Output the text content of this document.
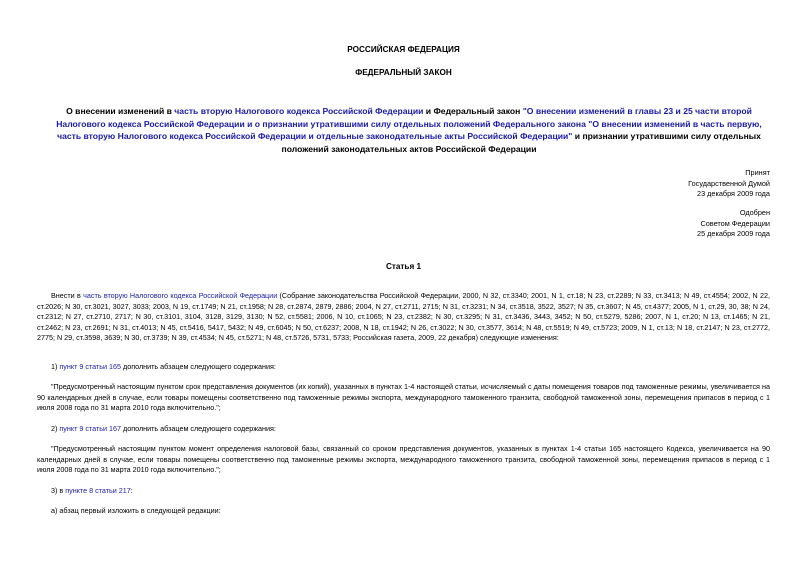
РОССИЙСКАЯ ФЕДЕРАЦИЯ
ФЕДЕРАЛЬНЫЙ ЗАКОН
О внесении изменений в часть вторую Налогового кодекса Российской Федерации и Федеральный закон "О внесении изменений в главы 23 и 25 части второй Налогового кодекса Российской Федерации и о признании утратившими силу отдельных положений Федерального закона "О внесении изменений в часть первую, часть вторую Налогового кодекса Российской Федерации и отдельные законодательные акты Российской Федерации" и признании утратившими силу отдельных положений законодательных актов Российской Федерации
Принят
Государственной Думой
23 декабря 2009 года
Одобрен
Советом Федерации
25 декабря 2009 года
Статья 1
Внести в часть вторую Налогового кодекса Российской Федерации (Собрание законодательства Российской Федерации, 2000, N 32, ст.3340; 2001, N 1, ст.18; N 23, ст.2289; N 33, ст.3413; N 49, ст.4554; 2002, N 22, ст.2026; N 30, ст.3021, 3027, 3033; 2003, N 19, ст.1749; N 21, ст.1958; N 28, ст.2874, 2879, 2886; 2004, N 27, ст.2711, 2715; N 31, ст.3231; N 34, ст.3518, 3522, 3527; N 35, ст.3607; N 45, ст.4377; 2005, N 1, ст.29, 30, 38; N 24, ст.2312; N 27, ст.2710, 2717; N 30, ст.3101, 3104, 3128, 3129, 3130; N 52, ст.5581; 2006, N 10, ст.1065; N 23, ст.2382; N 30, ст.3295; N 31, ст.3436, 3443, 3452; N 50, ст.5279, 5286; 2007, N 1, ст.20; N 13, ст.1465; N 21, ст.2462; N 23, ст.2691; N 31, ст.4013; N 45, ст.5416, 5417, 5432; N 49, ст.6045; N 50, ст.6237; 2008, N 18, ст.1942; N 26, ст.3022; N 30, ст.3577, 3614; N 48, ст.5519; N 49, ст.5723; 2009, N 1, ст.13; N 18, ст.2147; N 23, ст.2772, 2775; N 29, ст.3598, 3639; N 30, ст.3739; N 39, ст.4534; N 45, ст.5271; N 48, ст.5726, 5731, 5733; Российская газета, 2009, 22 декабря) следующие изменения:
1) пункт 9 статьи 165 дополнить абзацем следующего содержания:
"Предусмотренный настоящим пунктом срок представления документов (их копий), указанных в пунктах 1-4 настоящей статьи, исчисляемый с даты помещения товаров под таможенные режимы, увеличивается на 90 календарных дней в случае, если товары помещены соответственно под таможенные режимы экспорта, международного таможенного транзита, свободной таможенной зоны, перемещения припасов в период с 1 июля 2008 года по 31 марта 2010 года включительно.";
2) пункт 9 статьи 167 дополнить абзацем следующего содержания:
"Предусмотренный настоящим пунктом момент определения налоговой базы, связанный со сроком представления документов, указанных в пунктах 1-4 статьи 165 настоящего Кодекса, увеличивается на 90 календарных дней в случае, если товары помещены соответственно под таможенные режимы экспорта, международного таможенного транзита, свободной таможенной зоны, перемещения припасов в период с 1 июля 2008 года по 31 марта 2010 года включительно.";
3) в пункте 8 статьи 217:
а) абзац первый изложить в следующей редакции:
